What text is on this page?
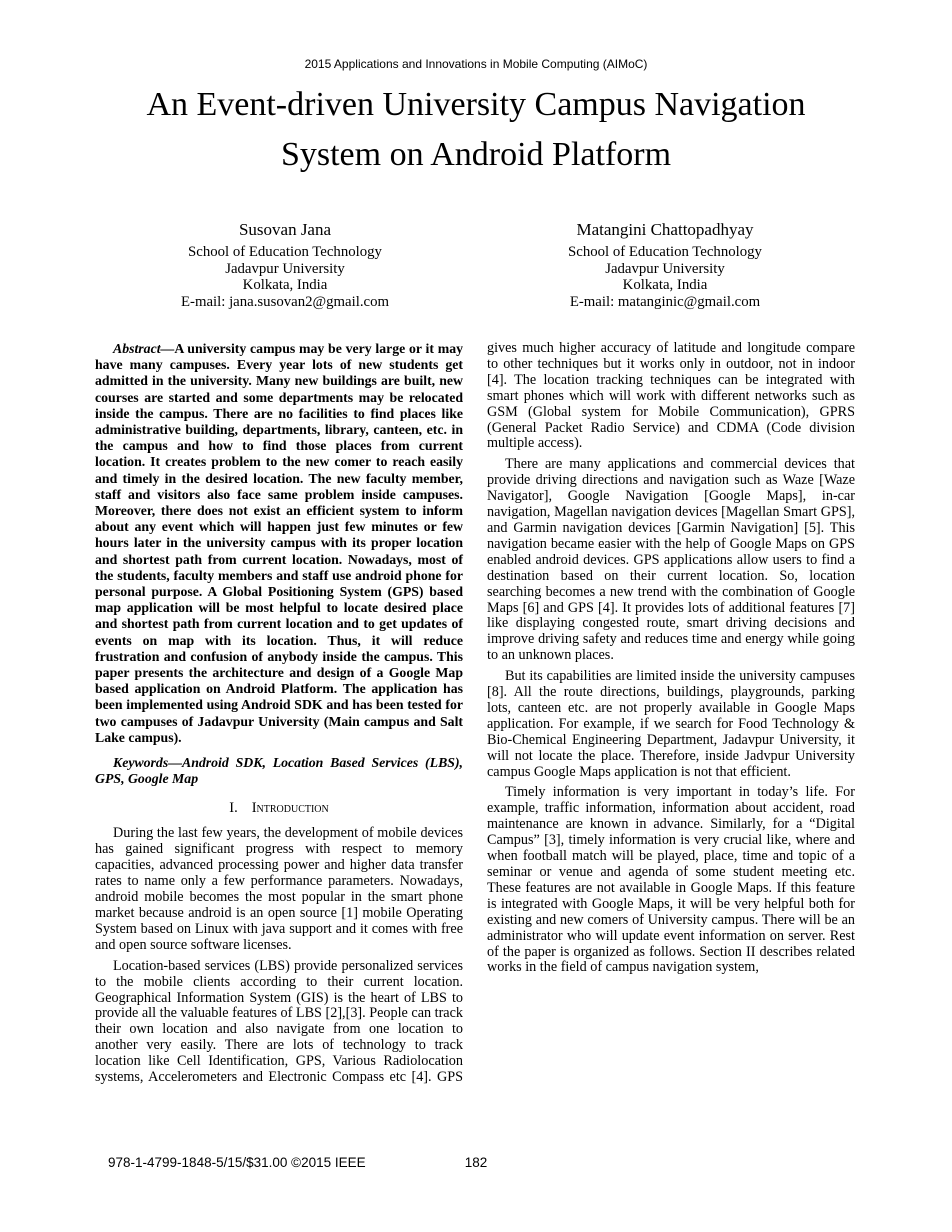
2015 Applications and Innovations in Mobile Computing (AIMoC)
An Event-driven University Campus Navigation
System on Android Platform
Susovan Jana
School of Education Technology
Jadavpur University
Kolkata, India
E-mail: jana.susovan2@gmail.com
Matangini Chattopadhyay
School of Education Technology
Jadavpur University
Kolkata, India
E-mail: matanginic@gmail.com

Abstract—A university campus may be very large or it may have many campuses. Every year lots of new students get admitted in the university. Many new buildings are built, new courses are started and some departments may be relocated inside the campus. There are no facilities to find places like administrative building, departments, library, canteen, etc. in the campus and how to find those places from current location. It creates problem to the new comer to reach easily and timely in the desired location. The new faculty member, staff and visitors also face same problem inside campuses. Moreover, there does not exist an efficient system to inform about any event which will happen just few minutes or few hours later in the university campus with its proper location and shortest path from current location. Nowadays, most of the students, faculty members and staff use android phone for personal purpose. A Global Positioning System (GPS) based map application will be most helpful to locate desired place and shortest path from current location and to get updates of events on map with its location. Thus, it will reduce frustration and confusion of anybody inside the campus. This paper presents the architecture and design of a Google Map based application on Android Platform. The application has been implemented using Android SDK and has been tested for two campuses of Jadavpur University (Main campus and Salt Lake campus).

Keywords—Android SDK, Location Based Services (LBS), GPS, Google Map

I. Introduction

During the last few years, the development of mobile devices has gained significant progress with respect to memory capacities, advanced processing power and higher data transfer rates to name only a few performance parameters. Nowadays, android mobile becomes the most popular in the smart phone market because android is an open source [1] mobile Operating System based on Linux with java support and it comes with free and open source software licenses.

Location-based services (LBS) provide personalized services to the mobile clients according to their current location. Geographical Information System (GIS) is the heart of LBS to provide all the valuable features of LBS [2],[3]. People can track their own location and also navigate from one location to another very easily. There are lots of technology to track location like Cell Identification, GPS, Various Radiolocation systems, Accelerometers and Electronic Compass etc [4]. GPS gives much higher accuracy of latitude and longitude compare to other techniques but it works only in outdoor, not in indoor [4]. The location tracking techniques can be integrated with smart phones which will work with different networks such as GSM (Global system for Mobile Communication), GPRS (General Packet Radio Service) and CDMA (Code division multiple access).

There are many applications and commercial devices that provide driving directions and navigation such as Waze [Waze Navigator], Google Navigation [Google Maps], in-car navigation, Magellan navigation devices [Magellan Smart GPS], and Garmin navigation devices [Garmin Navigation] [5]. This navigation became easier with the help of Google Maps on GPS enabled android devices. GPS applications allow users to find a destination based on their current location. So, location searching becomes a new trend with the combination of Google Maps [6] and GPS [4]. It provides lots of additional features [7] like displaying congested route, smart driving decisions and improve driving safety and reduces time and energy while going to an unknown places.

But its capabilities are limited inside the university campuses [8]. All the route directions, buildings, playgrounds, parking lots, canteen etc. are not properly available in Google Maps application. For example, if we search for Food Technology & Bio-Chemical Engineering Department, Jadavpur University, it will not locate the place. Therefore, inside Jadvpur University campus Google Maps application is not that efficient.

Timely information is very important in today’s life. For example, traffic information, information about accident, road maintenance are known in advance. Similarly, for a “Digital Campus” [3], timely information is very crucial like, where and when football match will be played, place, time and topic of a seminar or venue and agenda of some student meeting etc. These features are not available in Google Maps. If this feature is integrated with Google Maps, it will be very helpful both for existing and new comers of University campus. There will be an administrator who will update event information on server. Rest of the paper is organized as follows. Section II describes related works in the field of campus navigation system,

978-1-4799-1848-5/15/$31.00 ©2015 IEEE	182
